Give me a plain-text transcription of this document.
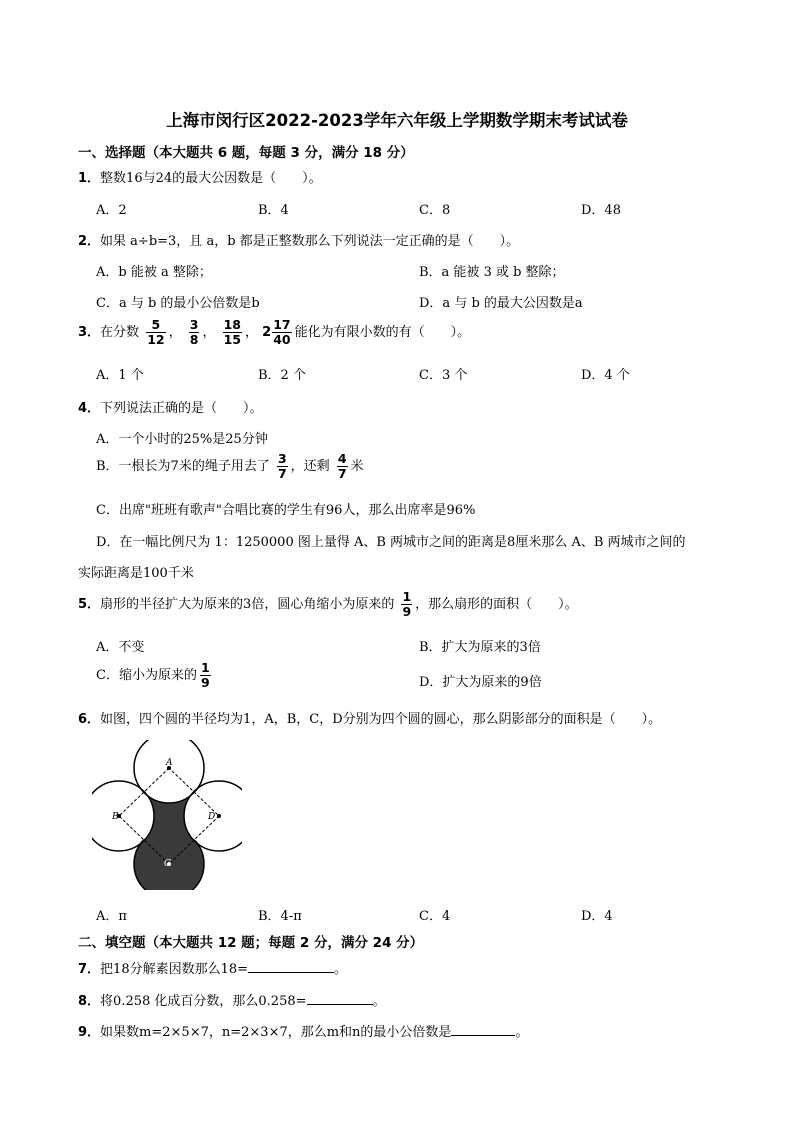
上海市闵行区2022-2023学年六年级上学期数学期末考试试卷
一、选择题（本大题共 6 题，每题 3 分，满分 18 分）
1．整数16与24的最大公因数是（　　）。
A．2	B．4	C．8	D．48
2．如果 a÷b=3，且 a，b 都是正整数那么下列说法一定正确的是（　　）。
A．b 能被 a 整除；	B．a 能被 3 或 b 整除；
C．a 与 b 的最小公倍数是b	D．a 与 b 的最大公因数是a
3．在分数 $\frac{5}{12}$ ， $\frac{3}{8}$ ， $\frac{18}{15}$ ， $2 \frac{17}{40}$ 能化为有限小数的有（　　）。
A．1 个	B．2 个	C．3 个	D．4 个
4．下列说法正确的是（　　）。
A．一个小时的25%是25分钟
B．一根长为7米的绳子用去了 $\frac{3}{7}$ ，还剩 $\frac{4}{7}$ 米
C．出席"班班有歌声"合唱比赛的学生有96人，那么出席率是96%
D．在一幅比例尺为 1：1250000 图上量得 A、B 两城市之间的距离是8厘米那么 A、B 两城市之间的
实际距离是100千米
5．扇形的半径扩大为原来的3倍，圆心角缩小为原来的 $\frac{1}{9}$ ，那么扇形的面积（　　）。
A．不变	B．扩大为原来的3倍
C．缩小为原来的 $\frac{1}{9}$	D．扩大为原来的9倍
6．如图，四个圆的半径均为1，A，B，C，D分别为四个圆的圆心，那么阴影部分的面积是（　　）。
A
B
C
D
A．π	B．4-π	C．4	D．4
二、填空题（本大题共 12 题；每题 2 分，满分 24 分）
7．把18分解素因数那么18=	。
8．将0.258 化成百分数，那么0.258=	。
9．如果数m=2×5×7，n=2×3×7，那么m和n的最小公倍数是	。
